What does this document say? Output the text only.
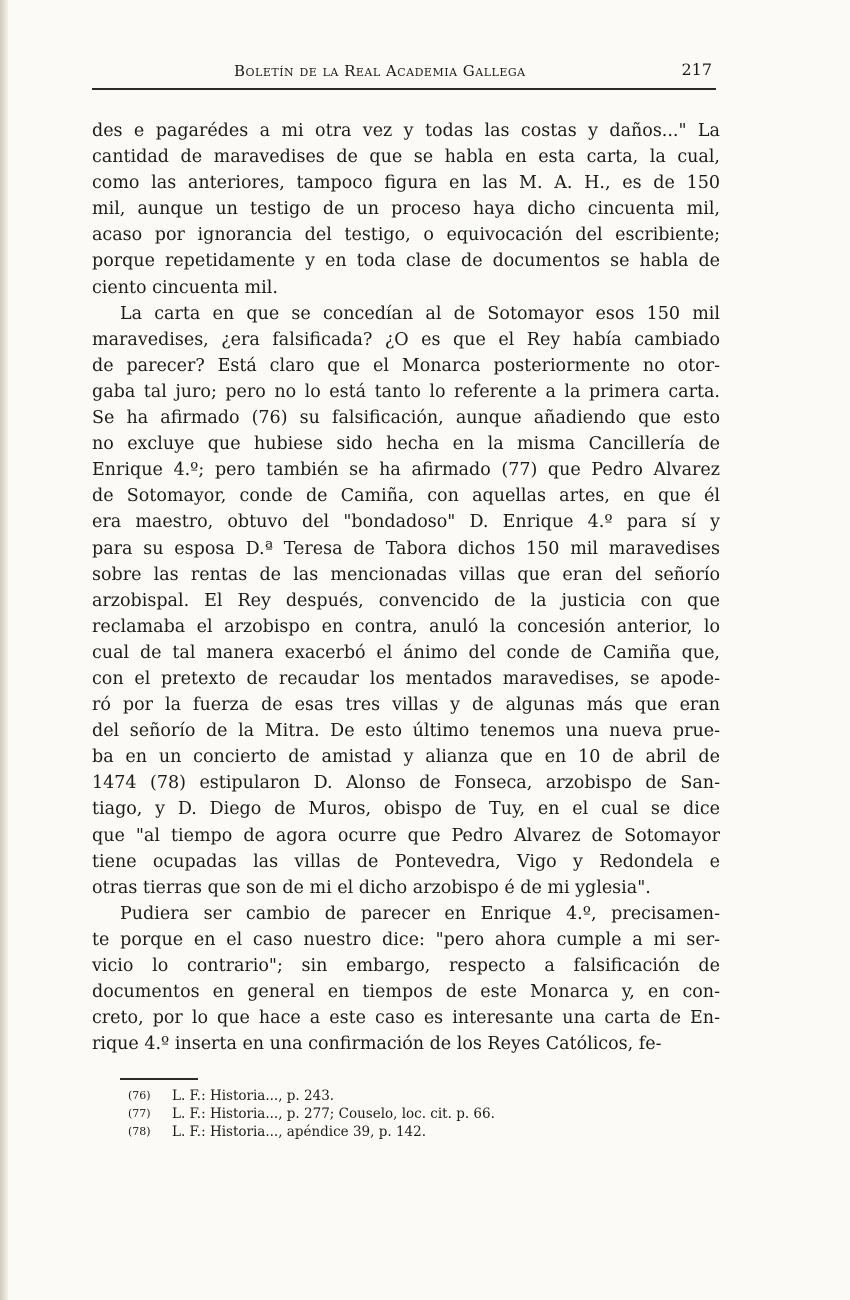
Boletín de la Real Academia Gallega	217
des e pagarédes a mi otra vez y todas las costas y daños..." La
cantidad de maravedises de que se habla en esta carta, la cual,
como las anteriores, tampoco figura en las M. A. H., es de 150
mil, aunque un testigo de un proceso haya dicho cincuenta mil,
acaso por ignorancia del testigo, o equivocación del escribiente;
porque repetidamente y en toda clase de documentos se habla de
ciento cincuenta mil.
La carta en que se concedían al de Sotomayor esos 150 mil
maravedises, ¿era falsificada? ¿O es que el Rey había cambiado
de parecer? Está claro que el Monarca posteriormente no otor-
gaba tal juro; pero no lo está tanto lo referente a la primera carta.
Se ha afirmado (76) su falsificación, aunque añadiendo que esto
no excluye que hubiese sido hecha en la misma Cancillería de
Enrique 4.º; pero también se ha afirmado (77) que Pedro Alvarez
de Sotomayor, conde de Camiña, con aquellas artes, en que él
era maestro, obtuvo del "bondadoso" D. Enrique 4.º para sí y
para su esposa D.ª Teresa de Tabora dichos 150 mil maravedises
sobre las rentas de las mencionadas villas que eran del señorío
arzobispal. El Rey después, convencido de la justicia con que
reclamaba el arzobispo en contra, anuló la concesión anterior, lo
cual de tal manera exacerbó el ánimo del conde de Camiña que,
con el pretexto de recaudar los mentados maravedises, se apode-
ró por la fuerza de esas tres villas y de algunas más que eran
del señorío de la Mitra. De esto último tenemos una nueva prue-
ba en un concierto de amistad y alianza que en 10 de abril de
1474 (78) estipularon D. Alonso de Fonseca, arzobispo de San-
tiago, y D. Diego de Muros, obispo de Tuy, en el cual se dice
que "al tiempo de agora ocurre que Pedro Alvarez de Sotomayor
tiene ocupadas las villas de Pontevedra, Vigo y Redondela e
otras tierras que son de mi el dicho arzobispo é de mi yglesia".
Pudiera ser cambio de parecer en Enrique 4.º, precisamen-
te porque en el caso nuestro dice: "pero ahora cumple a mi ser-
vicio lo contrario"; sin embargo, respecto a falsificación de
documentos en general en tiempos de este Monarca y, en con-
creto, por lo que hace a este caso es interesante una carta de En-
rique 4.º inserta en una confirmación de los Reyes Católicos, fe-
(76)	L. F.: Historia..., p. 243.
(77)	L. F.: Historia..., p. 277; Couselo, loc. cit. p. 66.
(78)	L. F.: Historia..., apéndice 39, p. 142.
